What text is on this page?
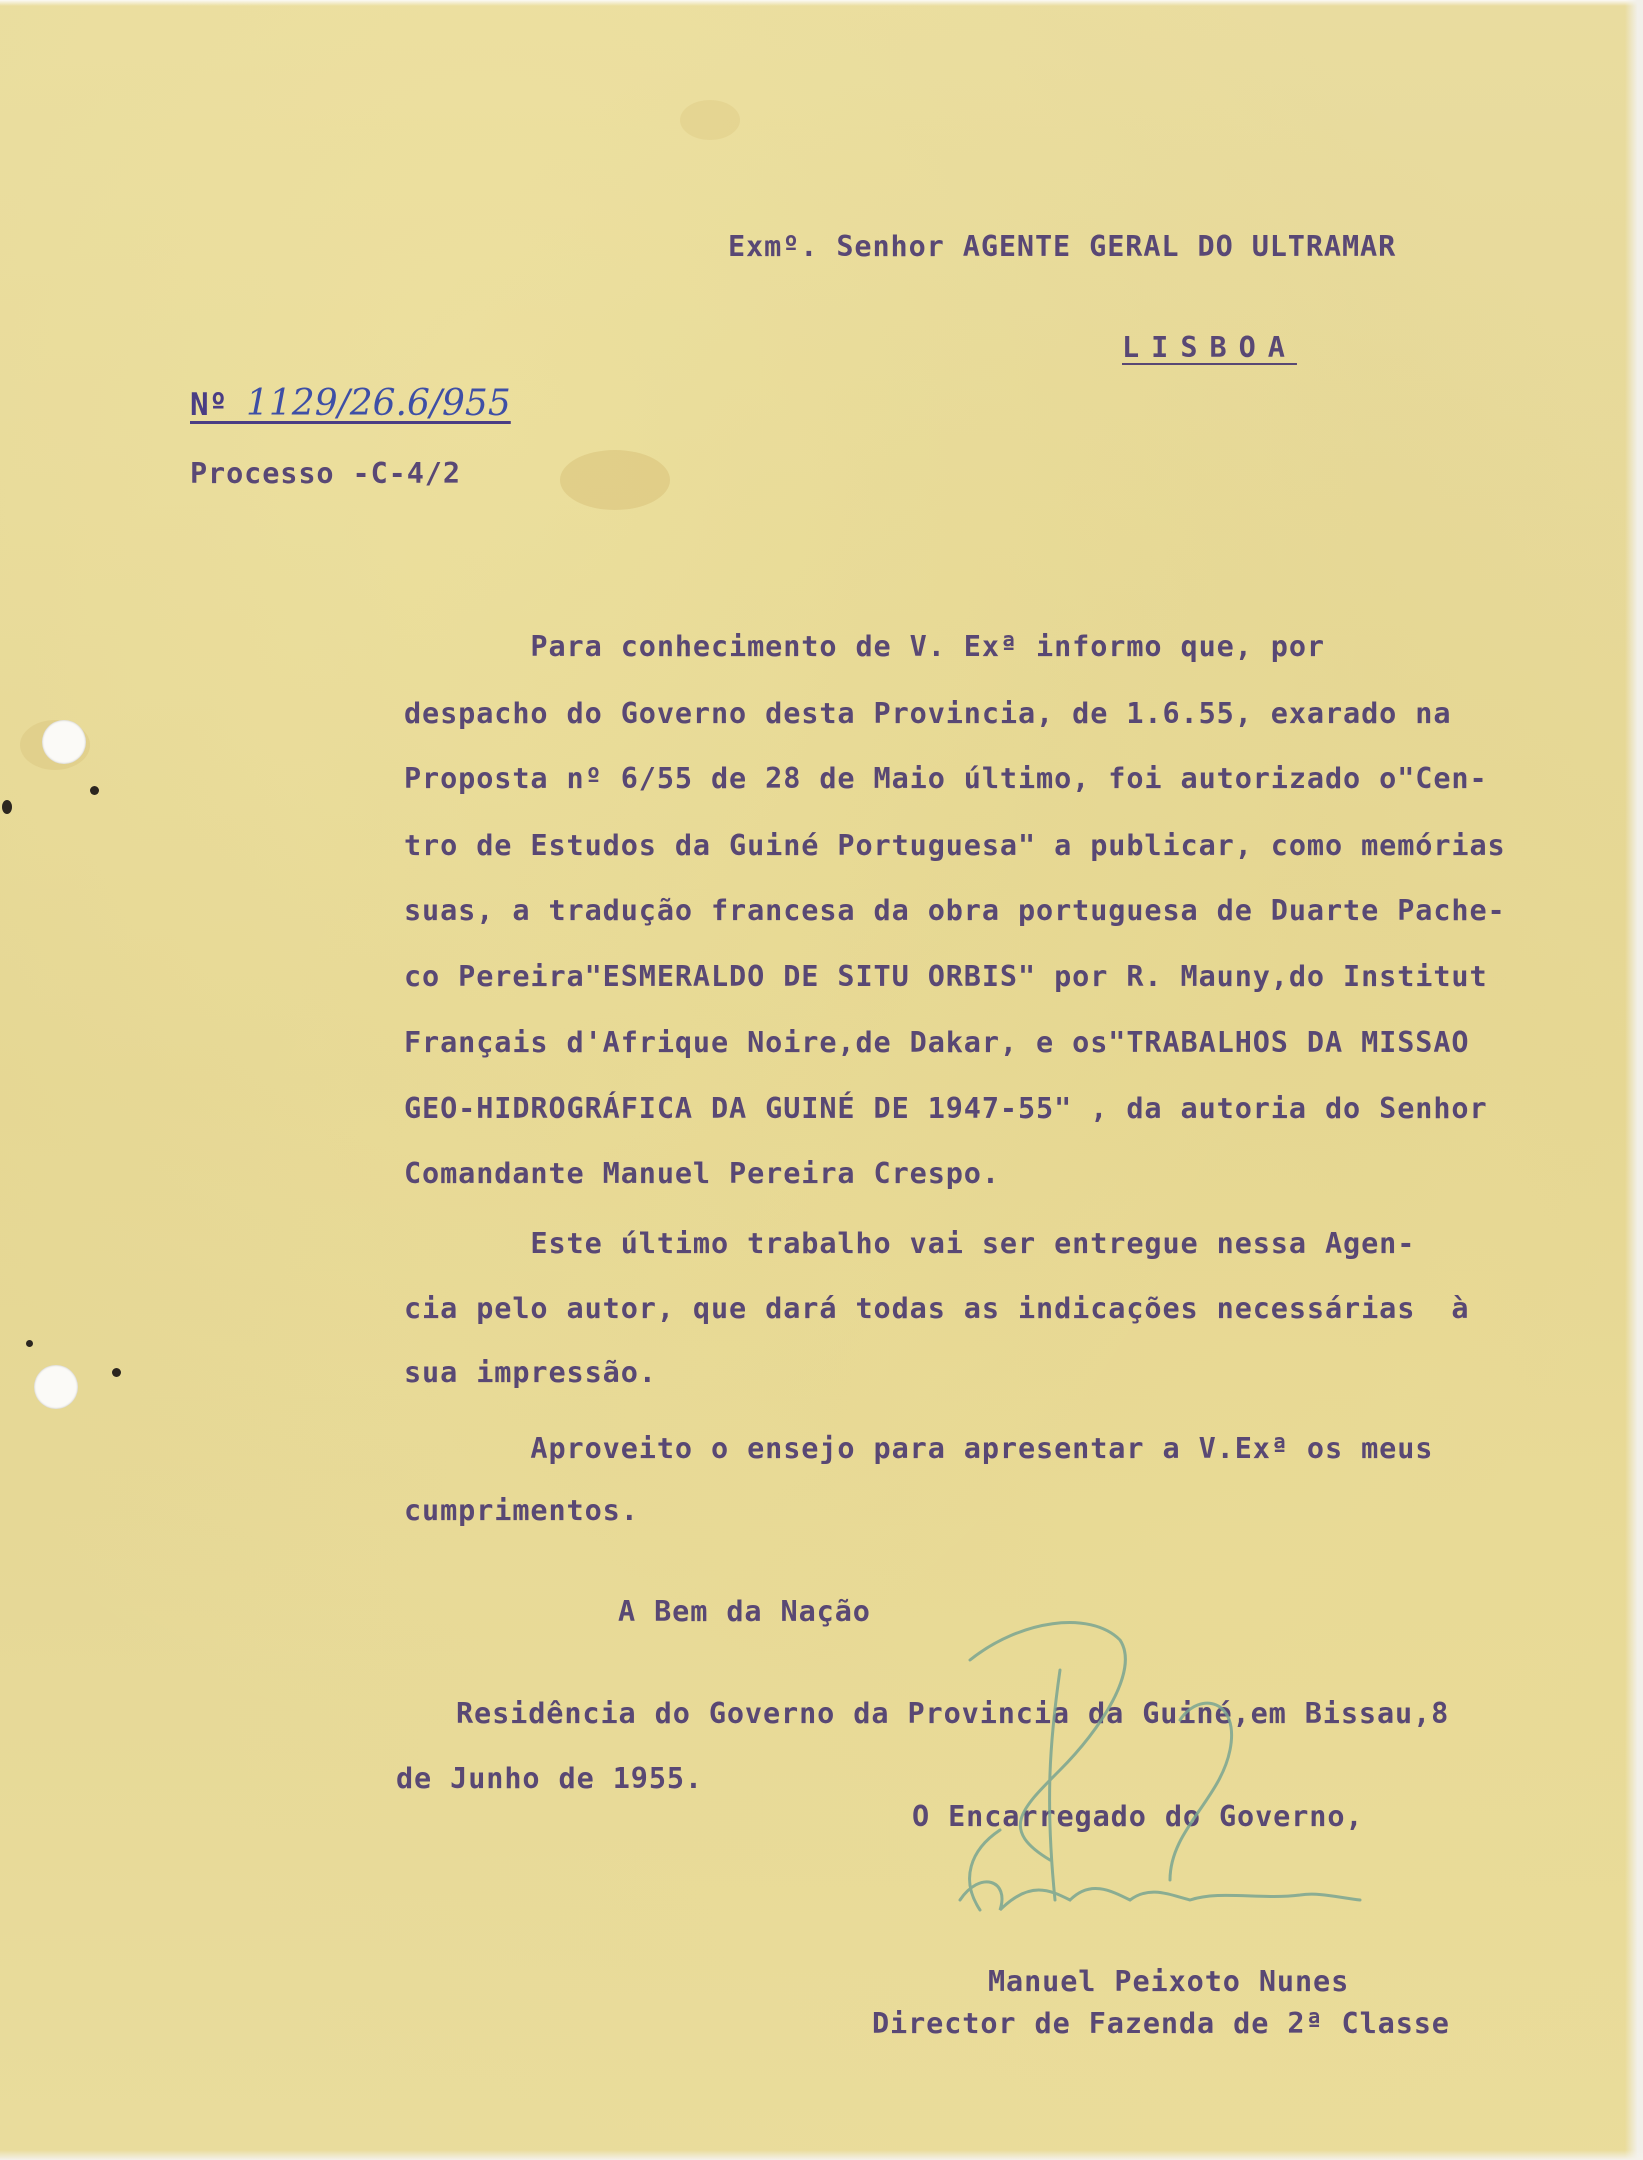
Exmº. Senhor AGENTE GERAL DO ULTRAMAR
LISBOA
Nº 1129/26.6/955
Processo -C-4/2
Para conhecimento de V. Exª informo que, por
despacho do Governo desta Provincia, de 1.6.55, exarado na
Proposta nº 6/55 de 28 de Maio último, foi autorizado o"Cen-
tro de Estudos da Guiné Portuguesa" a publicar, como memórias
suas, a tradução francesa da obra portuguesa de Duarte Pache-
co Pereira"ESMERALDO DE SITU ORBIS" por R. Mauny,do Institut
Français d'Afrique Noire,de Dakar, e os"TRABALHOS DA MISSAO
GEO-HIDROGRÁFICA DA GUINÉ DE 1947-55" , da autoria do Senhor
Comandante Manuel Pereira Crespo.
Este último trabalho vai ser entregue nessa Agen-
cia pelo autor, que dará todas as indicações necessárias  à
sua impressão.
Aproveito o ensejo para apresentar a V.Exª os meus
cumprimentos.
A Bem da Nação
Residência do Governo da Provincia da Guiné,em Bissau,8
de Junho de 1955.
O Encarregado do Governo,
Manuel Peixoto Nunes
Director de Fazenda de 2ª Classe
